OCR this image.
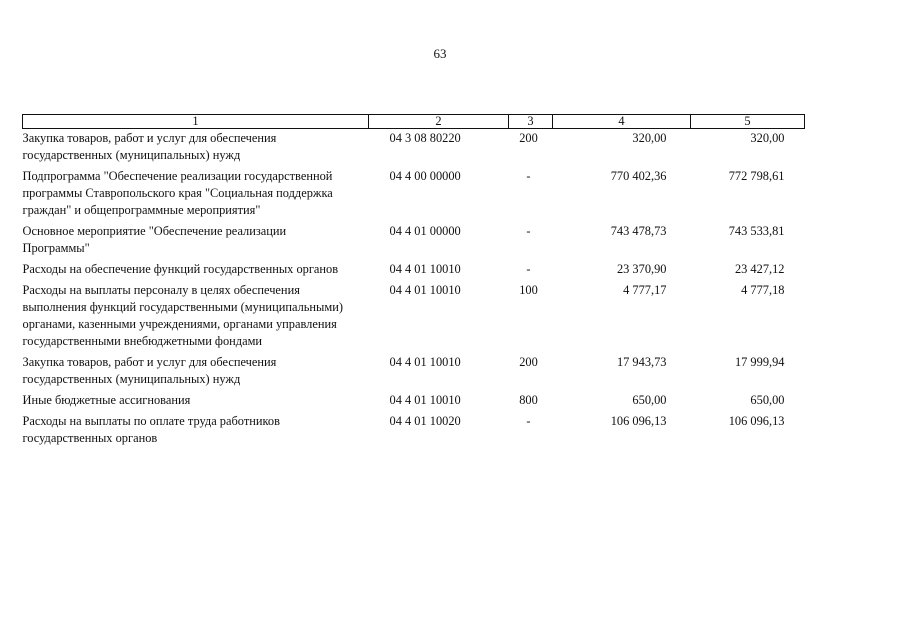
63
1	2	3	4	5
Закупка товаров, работ и услуг для обеспечения государственных (муниципальных) нужд	04 3 08 80220	200	320,00	320,00
Подпрограмма "Обеспечение реализации государственной программы Ставропольского края "Социальная поддержка граждан" и общепрограммные мероприятия"	04 4 00 00000	-	770 402,36	772 798,61
Основное мероприятие "Обеспечение реализации Программы"	04 4 01 00000	-	743 478,73	743 533,81
Расходы на обеспечение функций государственных органов	04 4 01 10010	-	23 370,90	23 427,12
Расходы на выплаты персоналу в целях обеспечения выполнения функций государственными (муниципальными) органами, казенными учреждениями, органами управления государственными внебюджетными фондами	04 4 01 10010	100	4 777,17	4 777,18
Закупка товаров, работ и услуг для обеспечения государственных (муниципальных) нужд	04 4 01 10010	200	17 943,73	17 999,94
Иные бюджетные ассигнования	04 4 01 10010	800	650,00	650,00
Расходы на выплаты по оплате труда работников государственных органов	04 4 01 10020	-	106 096,13	106 096,13
